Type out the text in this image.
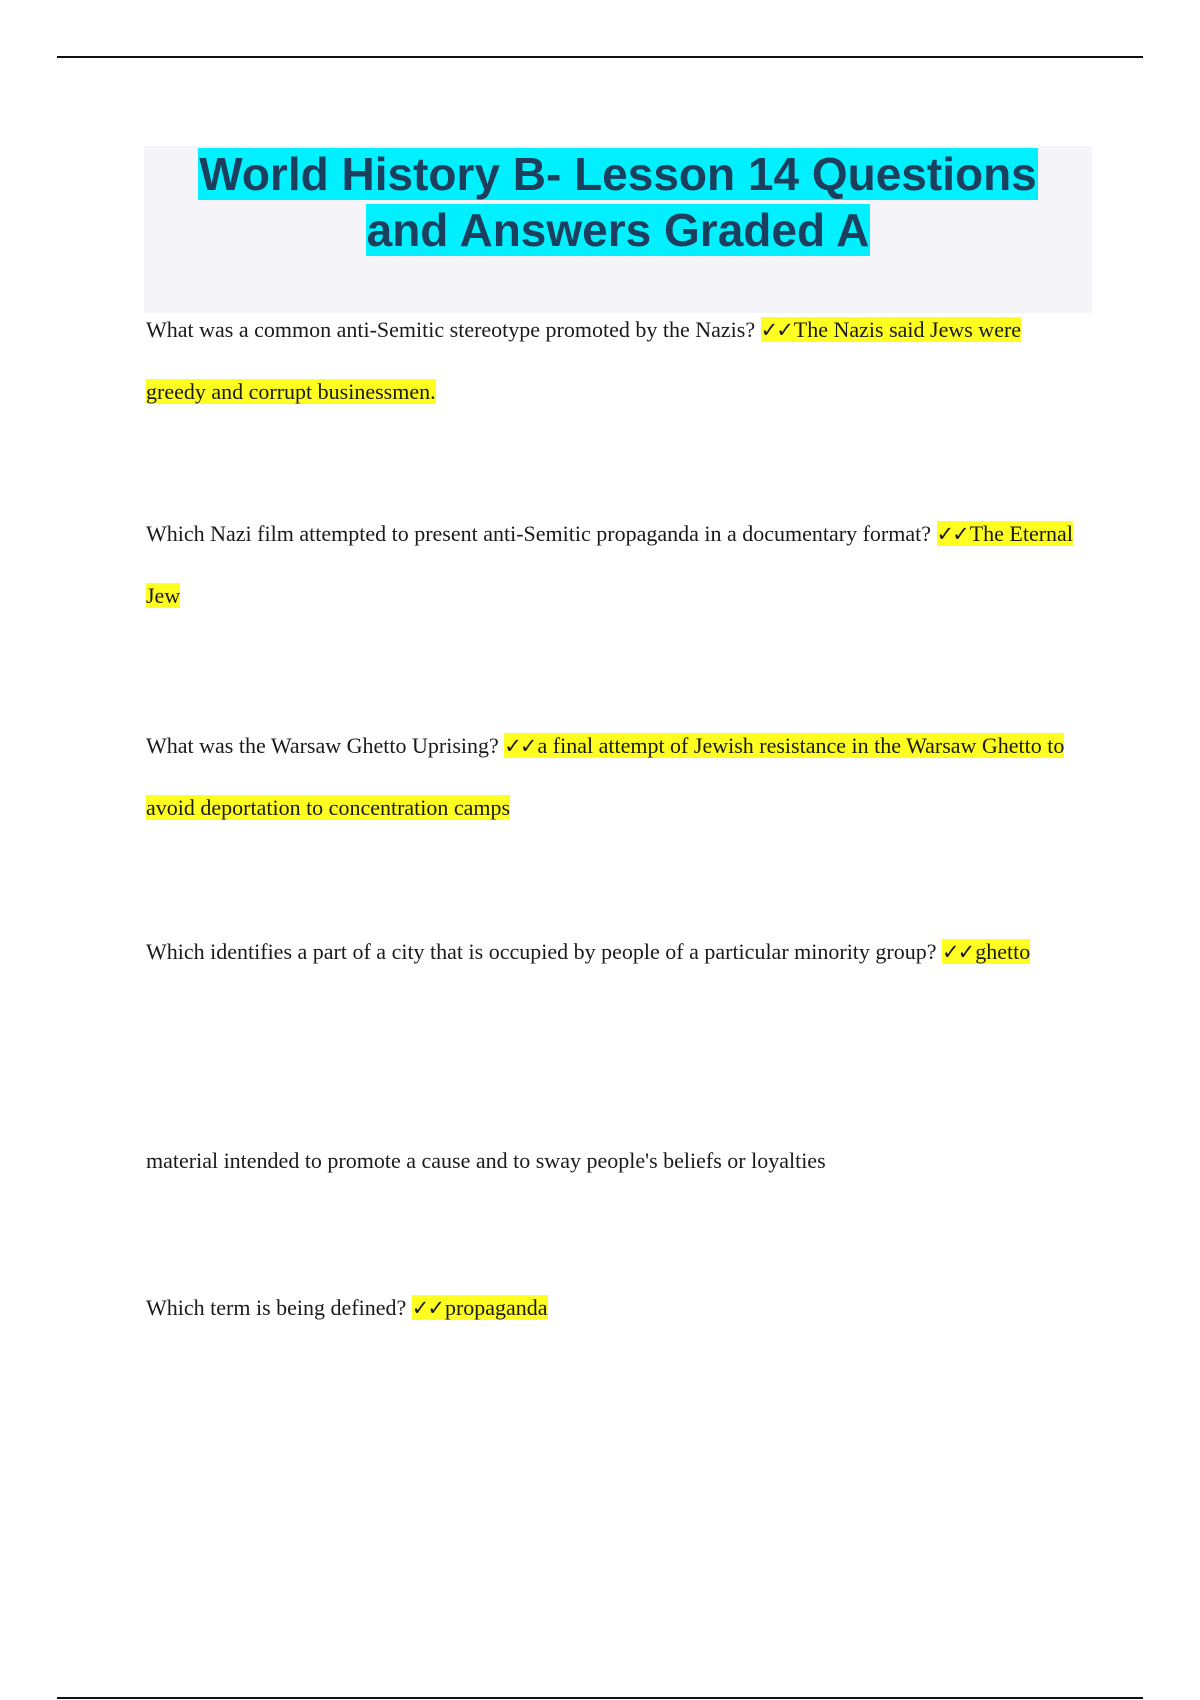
World History B- Lesson 14 Questions
and Answers Graded A

What was a common anti-Semitic stereotype promoted by the Nazis? ✓✓The Nazis said Jews were greedy and corrupt businessmen.

Which Nazi film attempted to present anti-Semitic propaganda in a documentary format? ✓✓The Eternal Jew

What was the Warsaw Ghetto Uprising? ✓✓a final attempt of Jewish resistance in the Warsaw Ghetto to avoid deportation to concentration camps

Which identifies a part of a city that is occupied by people of a particular minority group? ✓✓ghetto

material intended to promote a cause and to sway people's beliefs or loyalties

Which term is being defined? ✓✓propaganda
